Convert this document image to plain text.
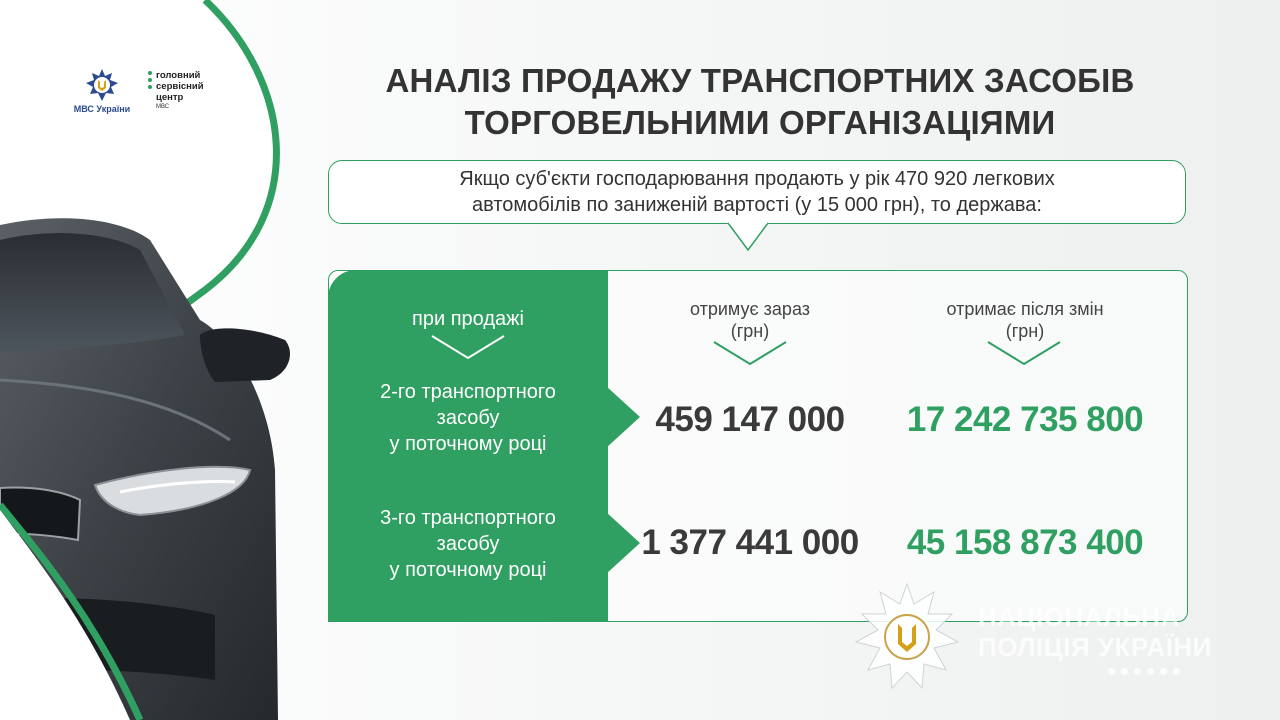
МВС України
головний
сервісний
центр
МВС
АНАЛІЗ ПРОДАЖУ ТРАНСПОРТНИХ ЗАСОБІВ
ТОРГОВЕЛЬНИМИ ОРГАНІЗАЦІЯМИ
Якщо суб'єкти господарювання продають у рік 470 920 легкових
автомобілів по заниженій вартості (у 15 000 грн), то держава:
при продажі
2-го транспортного
засобу
у поточному році
3-го транспортного
засобу
у поточному році
отримує зараз
(грн)
отримає після змін
(грн)
459 147 000	17 242 735 800
1 377 441 000	45 158 873 400
НАЦІОНАЛЬНА
ПОЛІЦІЯ УКРАЇНИ
